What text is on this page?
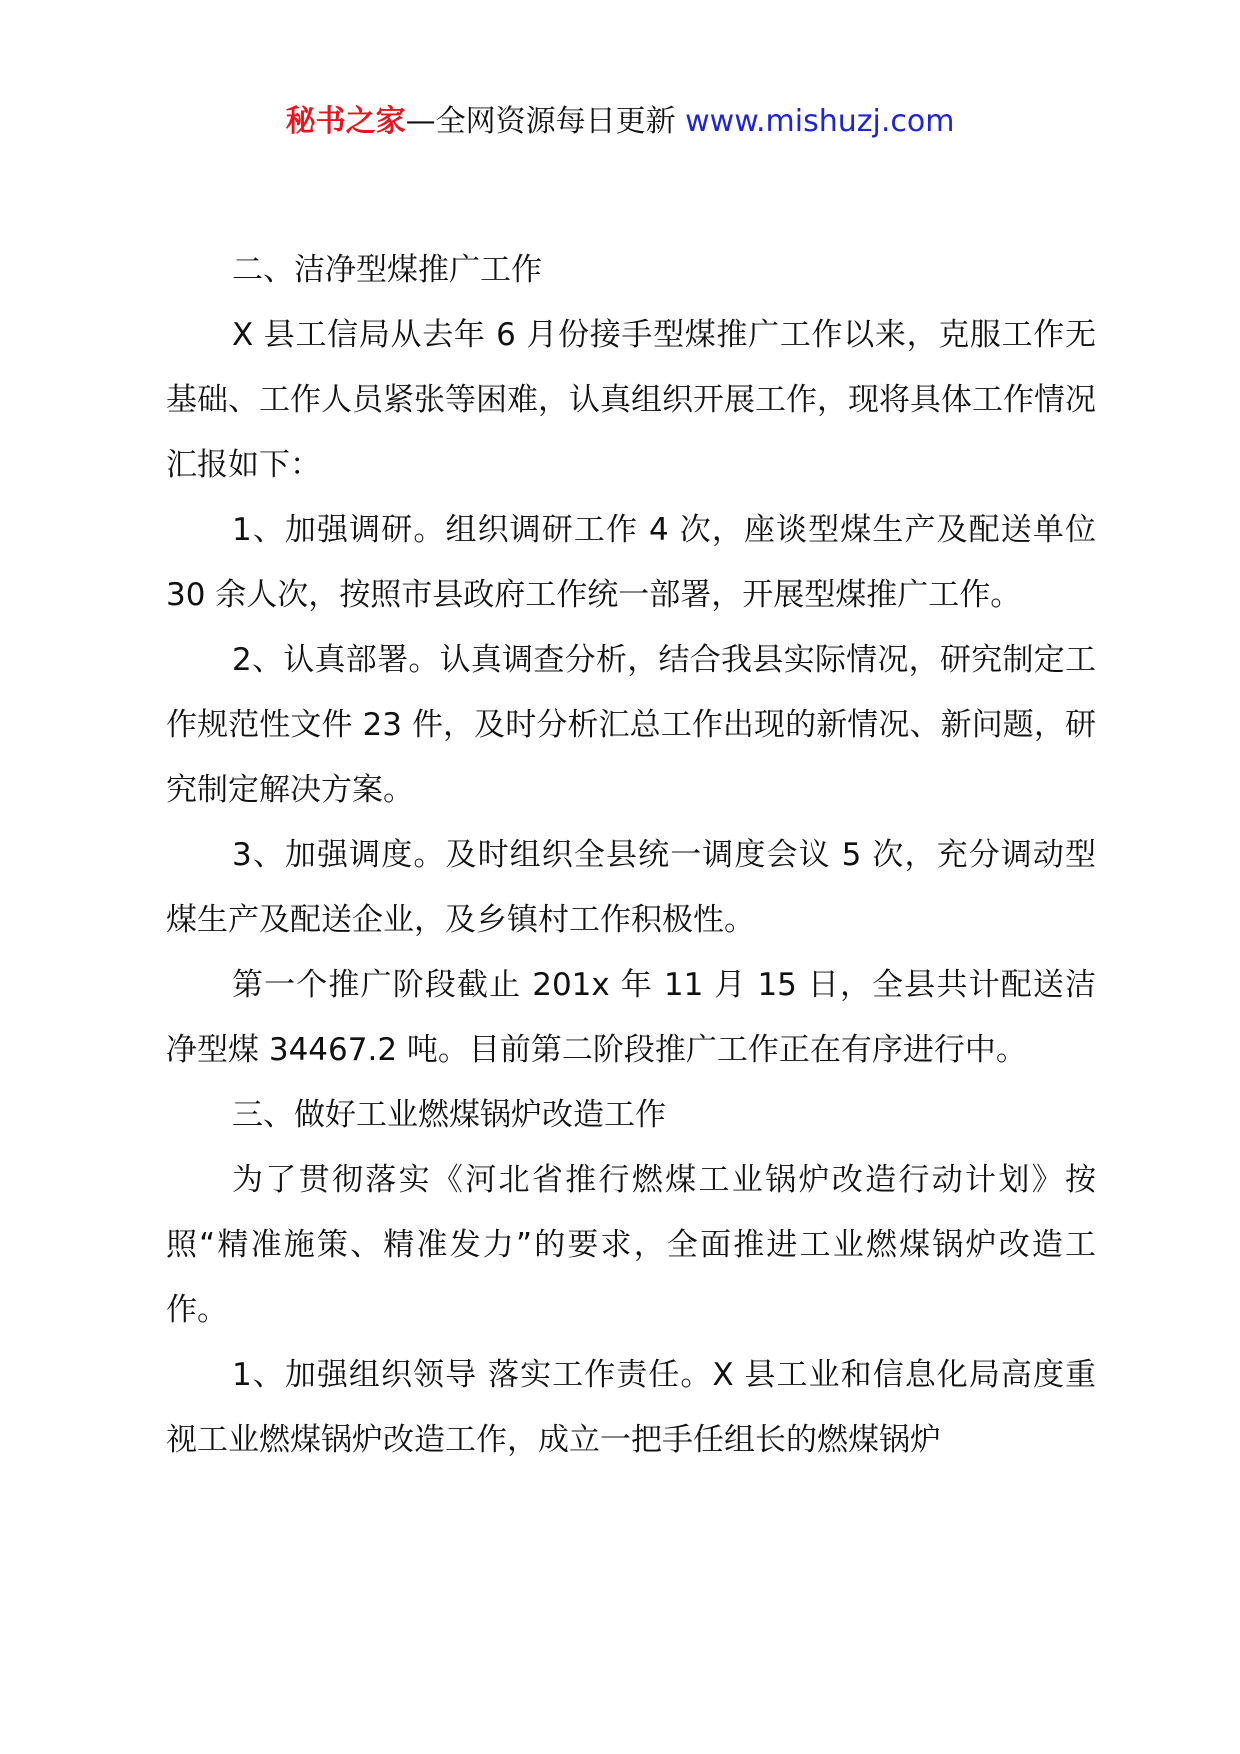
秘书之家—全网资源每日更新 www.mishuzj.com

二、洁净型煤推广工作

X 县工信局从去年 6 月份接手型煤推广工作以来，克服工作无基础、工作人员紧张等困难，认真组织开展工作，现将具体工作情况汇报如下：

1、加强调研。组织调研工作 4 次，座谈型煤生产及配送单位 30 余人次，按照市县政府工作统一部署，开展型煤推广工作。

2、认真部署。认真调查分析，结合我县实际情况，研究制定工作规范性文件 23 件，及时分析汇总工作出现的新情况、新问题，研究制定解决方案。

3、加强调度。及时组织全县统一调度会议 5 次，充分调动型煤生产及配送企业，及乡镇村工作积极性。

第一个推广阶段截止 201x 年 11 月 15 日，全县共计配送洁净型煤 34467.2 吨。目前第二阶段推广工作正在有序进行中。

三、做好工业燃煤锅炉改造工作

为了贯彻落实《河北省推行燃煤工业锅炉改造行动计划》按照“精准施策、精准发力”的要求，全面推进工业燃煤锅炉改造工作。

1、加强组织领导 落实工作责任。X 县工业和信息化局高度重视工业燃煤锅炉改造工作，成立一把手任组长的燃煤锅炉
